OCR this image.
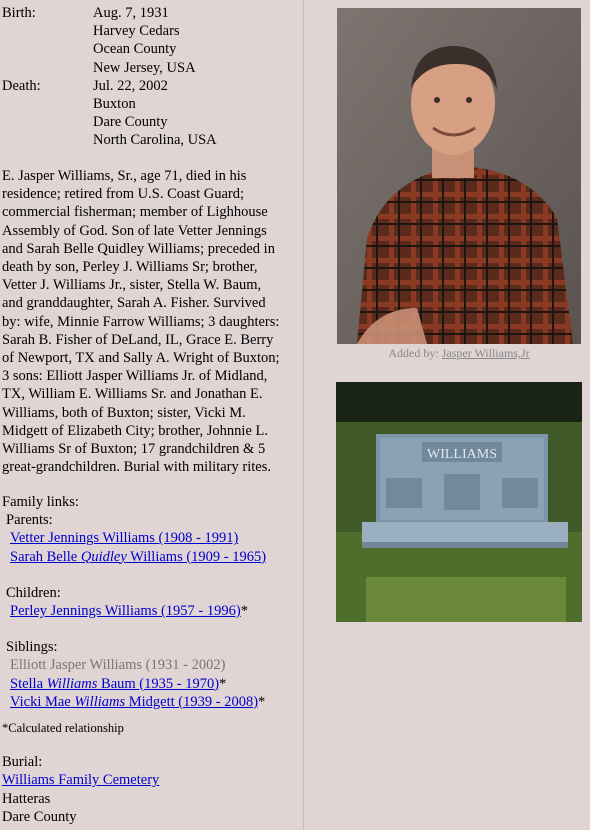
Birth:	Aug. 7, 1931
Harvey Cedars
Ocean County
New Jersey, USA
Death:	Jul. 22, 2002
Buxton
Dare County
North Carolina, USA
E. Jasper Williams, Sr., age 71, died in his
residence; retired from U.S. Coast Guard;
commercial fisherman; member of Lighhouse
Assembly of God. Son of late Vetter Jennings
and Sarah Belle Quidley Williams; preceded in
death by son, Perley J. Williams Sr; brother,
Vetter J. Williams Jr., sister, Stella W. Baum,
and granddaughter, Sarah A. Fisher. Survived
by: wife, Minnie Farrow Williams; 3 daughters:
Sarah B. Fisher of DeLand, IL, Grace E. Berry
of Newport, TX and Sally A. Wright of Buxton;
3 sons: Elliott Jasper Williams Jr. of Midland,
TX, William E. Williams Sr. and Jonathan E.
Williams, both of Buxton; sister, Vicki M.
Midgett of Elizabeth City; brother, Johnnie L.
Williams Sr of Buxton; 17 grandchildren & 5
great-grandchildren. Burial with military rites.
Family links:
Parents:
Vetter Jennings Williams (1908 - 1991)
Sarah Belle Quidley Williams (1909 - 1965)
Children:
Perley Jennings Williams (1957 - 1996)*
Siblings:
Elliott Jasper Williams (1931 - 2002)
Stella Williams Baum (1935 - 1970)*
Vicki Mae Williams Midgett (1939 - 2008)*
*Calculated relationship
Burial:
Williams Family Cemetery
Hatteras
Dare County
Added by: Jasper Williams,Jr
WILLIAMS
